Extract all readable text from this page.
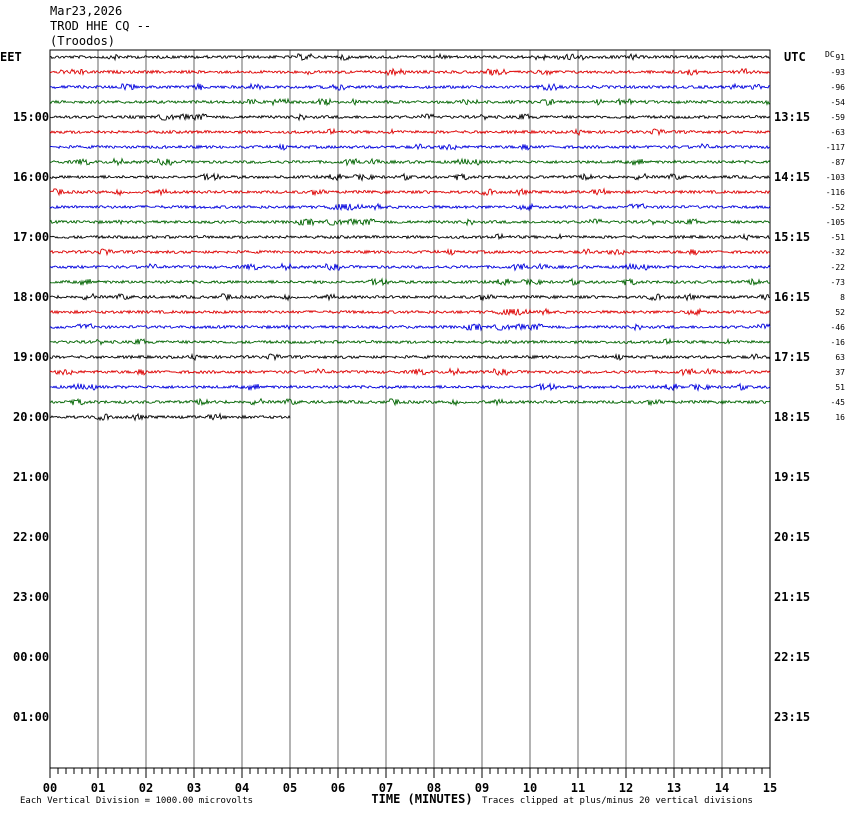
Mar23,2026
TROD HHE CQ --
(Troodos)
00	01	02	03	04	05	06	07	08	09	10	11	12	13	14	15
TIME (MINUTES)
EET	UTC DC
15:00
16:00
17:00
18:00
19:00
20:00
21:00
22:00
23:00
00:00
01:00
13:15
14:15
15:15
16:15
17:15
18:15
19:15
20:15
21:15
22:15
23:15
91
-93
-96
-54
-59
-63
-117
-87
-103
-116
-52
-105
-51
-32
-22
-73
8
52
-46
-16
63
37
51
-45
16
Each Vertical Division = 1000.00 microvolts	Traces clipped at plus/minus 20 vertical divisions
